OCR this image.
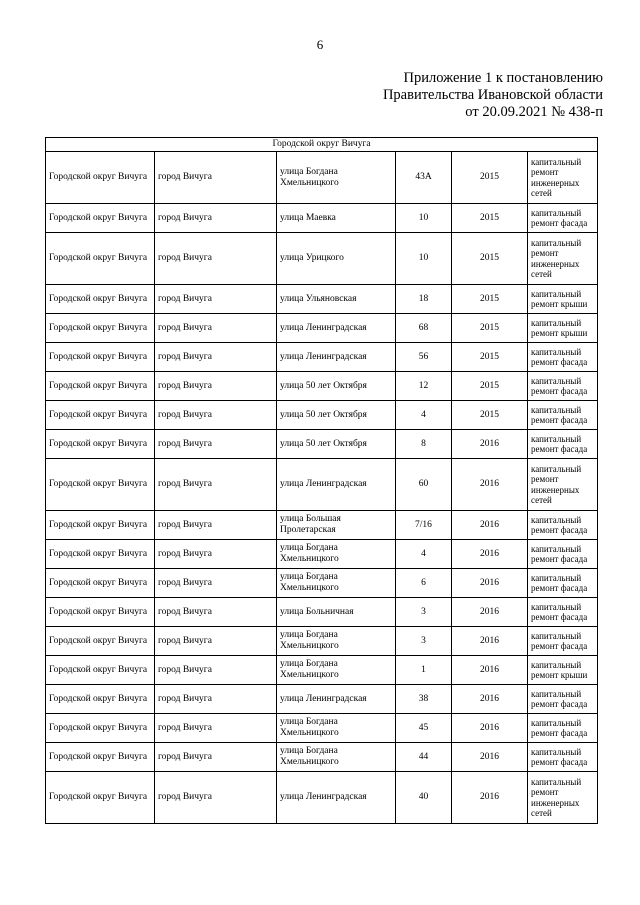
6
Приложение 1 к постановлению
Правительства Ивановской области
от 20.09.2021 № 438-п
Городской округ Вичуга					
Городской округ Вичуга	город Вичуга	улица Богдана Хмельницкого	43А	2015	капитальный ремонт инженерных сетей
Городской округ Вичуга	город Вичуга	улица Маевка	10	2015	капитальный ремонт фасада
Городской округ Вичуга	город Вичуга	улица Урицкого	10	2015	капитальный ремонт инженерных сетей
Городской округ Вичуга	город Вичуга	улица Ульяновская	18	2015	капитальный ремонт крыши
Городской округ Вичуга	город Вичуга	улица Ленинградская	68	2015	капитальный ремонт крыши
Городской округ Вичуга	город Вичуга	улица Ленинградская	56	2015	капитальный ремонт фасада
Городской округ Вичуга	город Вичуга	улица 50 лет Октября	12	2015	капитальный ремонт фасада
Городской округ Вичуга	город Вичуга	улица 50 лет Октября	4	2015	капитальный ремонт фасада
Городской округ Вичуга	город Вичуга	улица 50 лет Октября	8	2016	капитальный ремонт фасада
Городской округ Вичуга	город Вичуга	улица Ленинградская	60	2016	капитальный ремонт инженерных сетей
Городской округ Вичуга	город Вичуга	улица Большая Пролетарская	7/16	2016	капитальный ремонт фасада
Городской округ Вичуга	город Вичуга	улица Богдана Хмельницкого	4	2016	капитальный ремонт фасада
Городской округ Вичуга	город Вичуга	улица Богдана Хмельницкого	6	2016	капитальный ремонт фасада
Городской округ Вичуга	город Вичуга	улица Больничная	3	2016	капитальный ремонт фасада
Городской округ Вичуга	город Вичуга	улица Богдана Хмельницкого	3	2016	капитальный ремонт фасада
Городской округ Вичуга	город Вичуга	улица Богдана Хмельницкого	1	2016	капитальный ремонт крыши
Городской округ Вичуга	город Вичуга	улица Ленинградская	38	2016	капитальный ремонт фасада
Городской округ Вичуга	город Вичуга	улица Богдана Хмельницкого	45	2016	капитальный ремонт фасада
Городской округ Вичуга	город Вичуга	улица Богдана Хмельницкого	44	2016	капитальный ремонт фасада
Городской округ Вичуга	город Вичуга	улица Ленинградская	40	2016	капитальный ремонт инженерных сетей
